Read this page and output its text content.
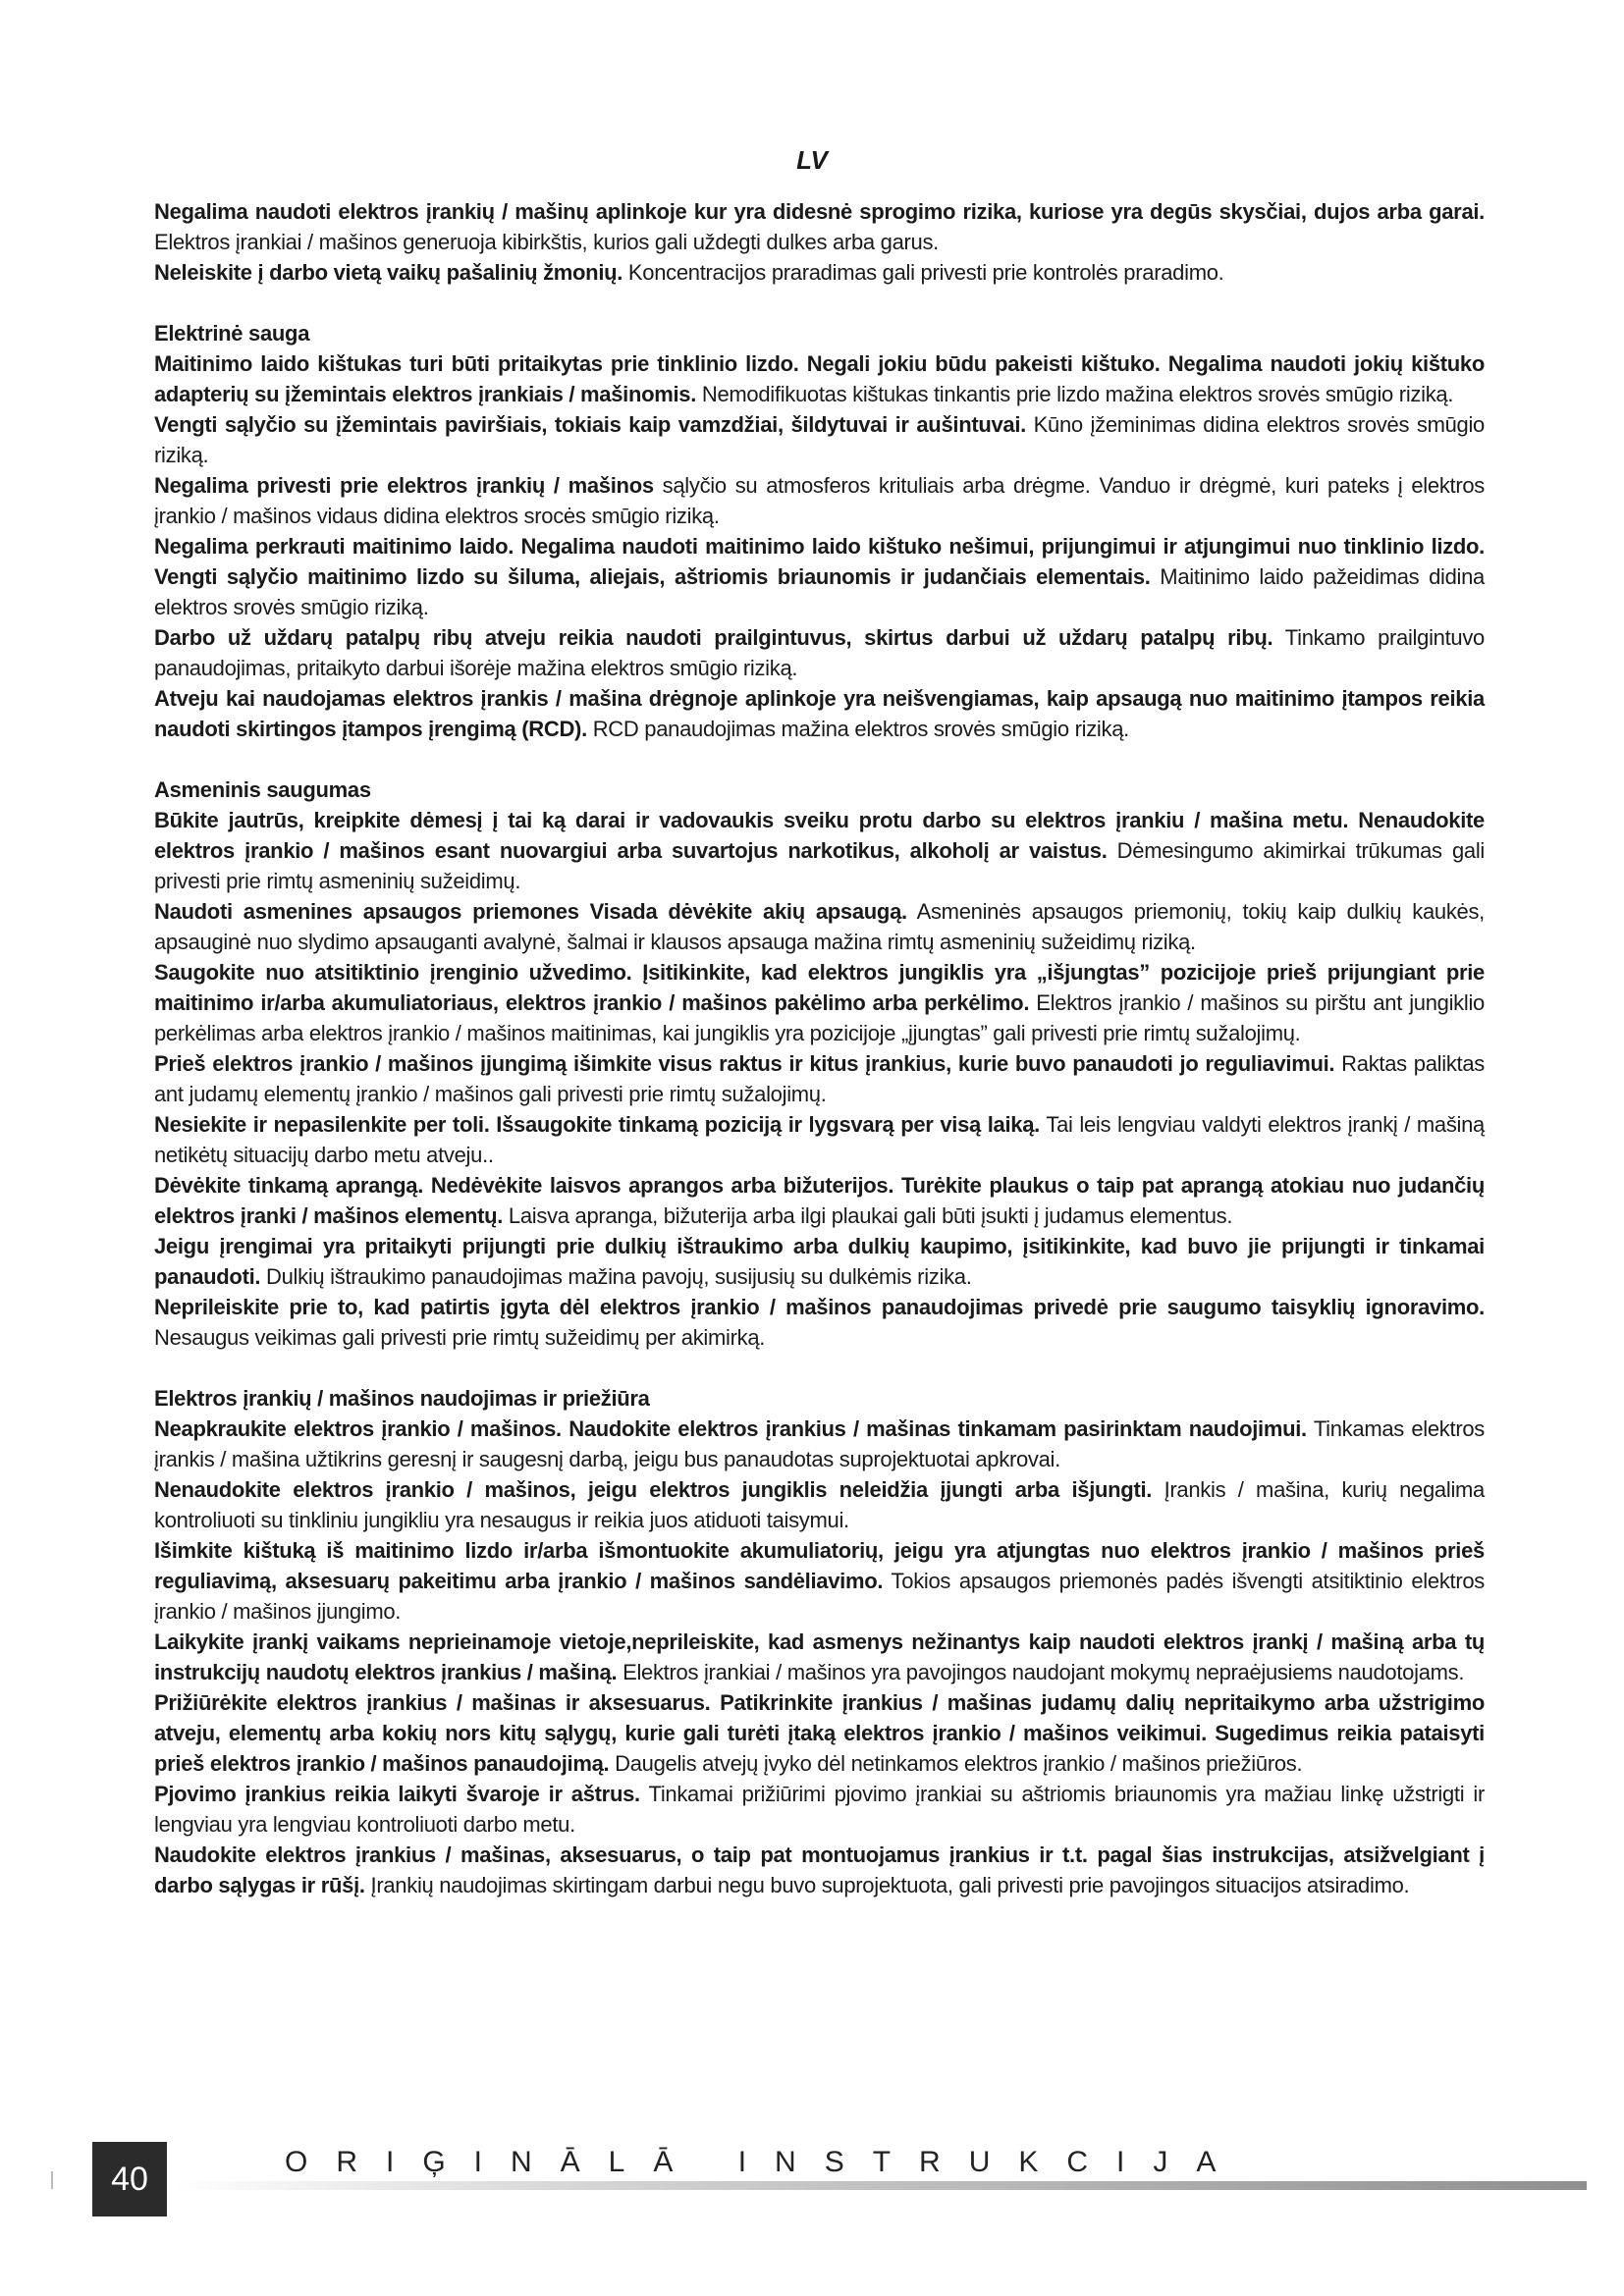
LV

Negalima naudoti elektros įrankių / mašinų aplinkoje kur yra didesnė sprogimo rizika, kuriose yra degūs skysčiai, dujos arba garai. Elektros įrankiai / mašinos generuoja kibirkštis, kurios gali uždegti dulkes arba garus.

Neleiskite į darbo vietą vaikų pašalinių žmonių. Koncentracijos praradimas gali privesti prie kontrolės praradimo.

Elektrinė sauga

Maitinimo laido kištukas turi būti pritaikytas prie tinklinio lizdo. Negali jokiu būdu pakeisti kištuko. Negalima naudoti jokių kištuko adapterių su įžemintais elektros įrankiais / mašinomis. Nemodifikuotas kištukas tinkantis prie lizdo mažina elektros srovės smūgio riziką.

Vengti sąlyčio su įžemintais paviršiais, tokiais kaip vamzdžiai, šildytuvai ir aušintuvai. Kūno įžeminimas didina elektros srovės smūgio riziką.

Negalima privesti prie elektros įrankių / mašinos sąlyčio su atmosferos krituliais arba drėgme. Vanduo ir drėgmė, kuri pateks į elektros įrankio / mašinos vidaus didina elektros srocės smūgio riziką.

Negalima perkrauti maitinimo laido. Negalima naudoti maitinimo laido kištuko nešimui, prijungimui ir atjungimui nuo tinklinio lizdo. Vengti sąlyčio maitinimo lizdo su šiluma, aliejais, aštriomis briaunomis ir judančiais elementais. Maitinimo laido pažeidimas didina elektros srovės smūgio riziką.

Darbo už uždarų patalpų ribų atveju reikia naudoti prailgintuvus, skirtus darbui už uždarų patalpų ribų. Tinkamo prailgintuvo panaudojimas, pritaikyto darbui išorėje mažina elektros smūgio riziką.

Atveju kai naudojamas elektros įrankis / mašina drėgnoje aplinkoje yra neišvengiamas, kaip apsaugą nuo maitinimo įtampos reikia naudoti skirtingos įtampos įrengimą (RCD). RCD panaudojimas mažina elektros srovės smūgio riziką.

Asmeninis saugumas

Būkite jautrūs, kreipkite dėmesį į tai ką darai ir vadovaukis sveiku protu darbo su elektros įrankiu / mašina metu. Nenaudokite elektros įrankio / mašinos esant nuovargiui arba suvartojus narkotikus, alkoholį ar vaistus. Dėmesingumo akimirkai trūkumas gali privesti prie rimtų asmeninių sužeidimų.

Naudoti asmenines apsaugos priemones Visada dėvėkite akių apsaugą. Asmeninės apsaugos priemonių, tokių kaip dulkių kaukės, apsauginė nuo slydimo apsauganti avalynė, šalmai ir klausos apsauga mažina rimtų asmeninių sužeidimų riziką.

Saugokite nuo atsitiktinio įrenginio užvedimo. Įsitikinkite, kad elektros jungiklis yra „išjungtas” pozicijoje prieš prijungiant prie maitinimo ir/arba akumuliatoriaus, elektros įrankio / mašinos pakėlimo arba perkėlimo. Elektros įrankio / mašinos su pirštu ant jungiklio perkėlimas arba elektros įrankio / mašinos maitinimas, kai jungiklis yra pozicijoje „įjungtas” gali privesti prie rimtų sužalojimų.

Prieš elektros įrankio / mašinos įjungimą išimkite visus raktus ir kitus įrankius, kurie buvo panaudoti jo reguliavimui. Raktas paliktas ant judamų elementų įrankio / mašinos gali privesti prie rimtų sužalojimų.

Nesiekite ir nepasilenkite per toli. Išsaugokite tinkamą poziciją ir lygsvarą per visą laiką. Tai leis lengviau valdyti elektros įrankį / mašiną netikėtų situacijų darbo metu atveju..

Dėvėkite tinkamą aprangą. Nedėvėkite laisvos aprangos arba bižuterijos. Turėkite plaukus o taip pat aprangą atokiau nuo judančių elektros įranki / mašinos elementų. Laisva apranga, bižuterija arba ilgi plaukai gali būti įsukti į judamus elementus.

Jeigu įrengimai yra pritaikyti prijungti prie dulkių ištraukimo arba dulkių kaupimo, įsitikinkite, kad buvo jie prijungti ir tinkamai panaudoti. Dulkių ištraukimo panaudojimas mažina pavojų, susijusių su dulkėmis rizika.

Neprileiskite prie to, kad patirtis įgyta dėl elektros įrankio / mašinos panaudojimas privedė prie saugumo taisyklių ignoravimo. Nesaugus veikimas gali privesti prie rimtų sužeidimų per akimirką.

Elektros įrankių / mašinos naudojimas ir priežiūra

Neapkraukite elektros įrankio / mašinos. Naudokite elektros įrankius / mašinas tinkamam pasirinktam naudojimui. Tinkamas elektros įrankis / mašina užtikrins geresnį ir saugesnį darbą, jeigu bus panaudotas suprojektuotai apkrovai.

Nenaudokite elektros įrankio / mašinos, jeigu elektros jungiklis neleidžia įjungti arba išjungti. Įrankis / mašina, kurių negalima kontroliuoti su tinkliniu jungikliu yra nesaugus ir reikia juos atiduoti taisymui.

Išimkite kištuką iš maitinimo lizdo ir/arba išmontuokite akumuliatorių, jeigu yra atjungtas nuo elektros įrankio / mašinos prieš reguliavimą, aksesuarų pakeitimu arba įrankio / mašinos sandėliavimo. Tokios apsaugos priemonės padės išvengti atsitiktinio elektros įrankio / mašinos įjungimo.

Laikykite įrankį vaikams neprieinamoje vietoje,neprileiskite, kad asmenys nežinantys kaip naudoti elektros įrankį / mašiną arba tų instrukcijų naudotų elektros įrankius / mašiną. Elektros įrankiai / mašinos yra pavojingos naudojant mokymų nepraėjusiems naudotojams.

Prižiūrėkite elektros įrankius / mašinas ir aksesuarus. Patikrinkite įrankius / mašinas judamų dalių nepritaikymo arba užstrigimo atveju, elementų arba kokių nors kitų sąlygų, kurie gali turėti įtaką elektros įrankio / mašinos veikimui. Sugedimus reikia pataisyti prieš elektros įrankio / mašinos panaudojimą. Daugelis atvejų įvyko dėl netinkamos elektros įrankio / mašinos priežiūros.

Pjovimo įrankius reikia laikyti švaroje ir aštrus. Tinkamai prižiūrimi pjovimo įrankiai su aštriomis briaunomis yra mažiau linkę užstrigti ir lengviau yra lengviau kontroliuoti darbo metu.

Naudokite elektros įrankius / mašinas, aksesuarus, o taip pat montuojamus įrankius ir t.t. pagal šias instrukcijas, atsižvelgiant į darbo sąlygas ir rūšį. Įrankių naudojimas skirtingam darbui negu buvo suprojektuota, gali privesti prie pavojingos situacijos atsiradimo.

40	ORIĢINĀLĀ INSTRUKCIJA
